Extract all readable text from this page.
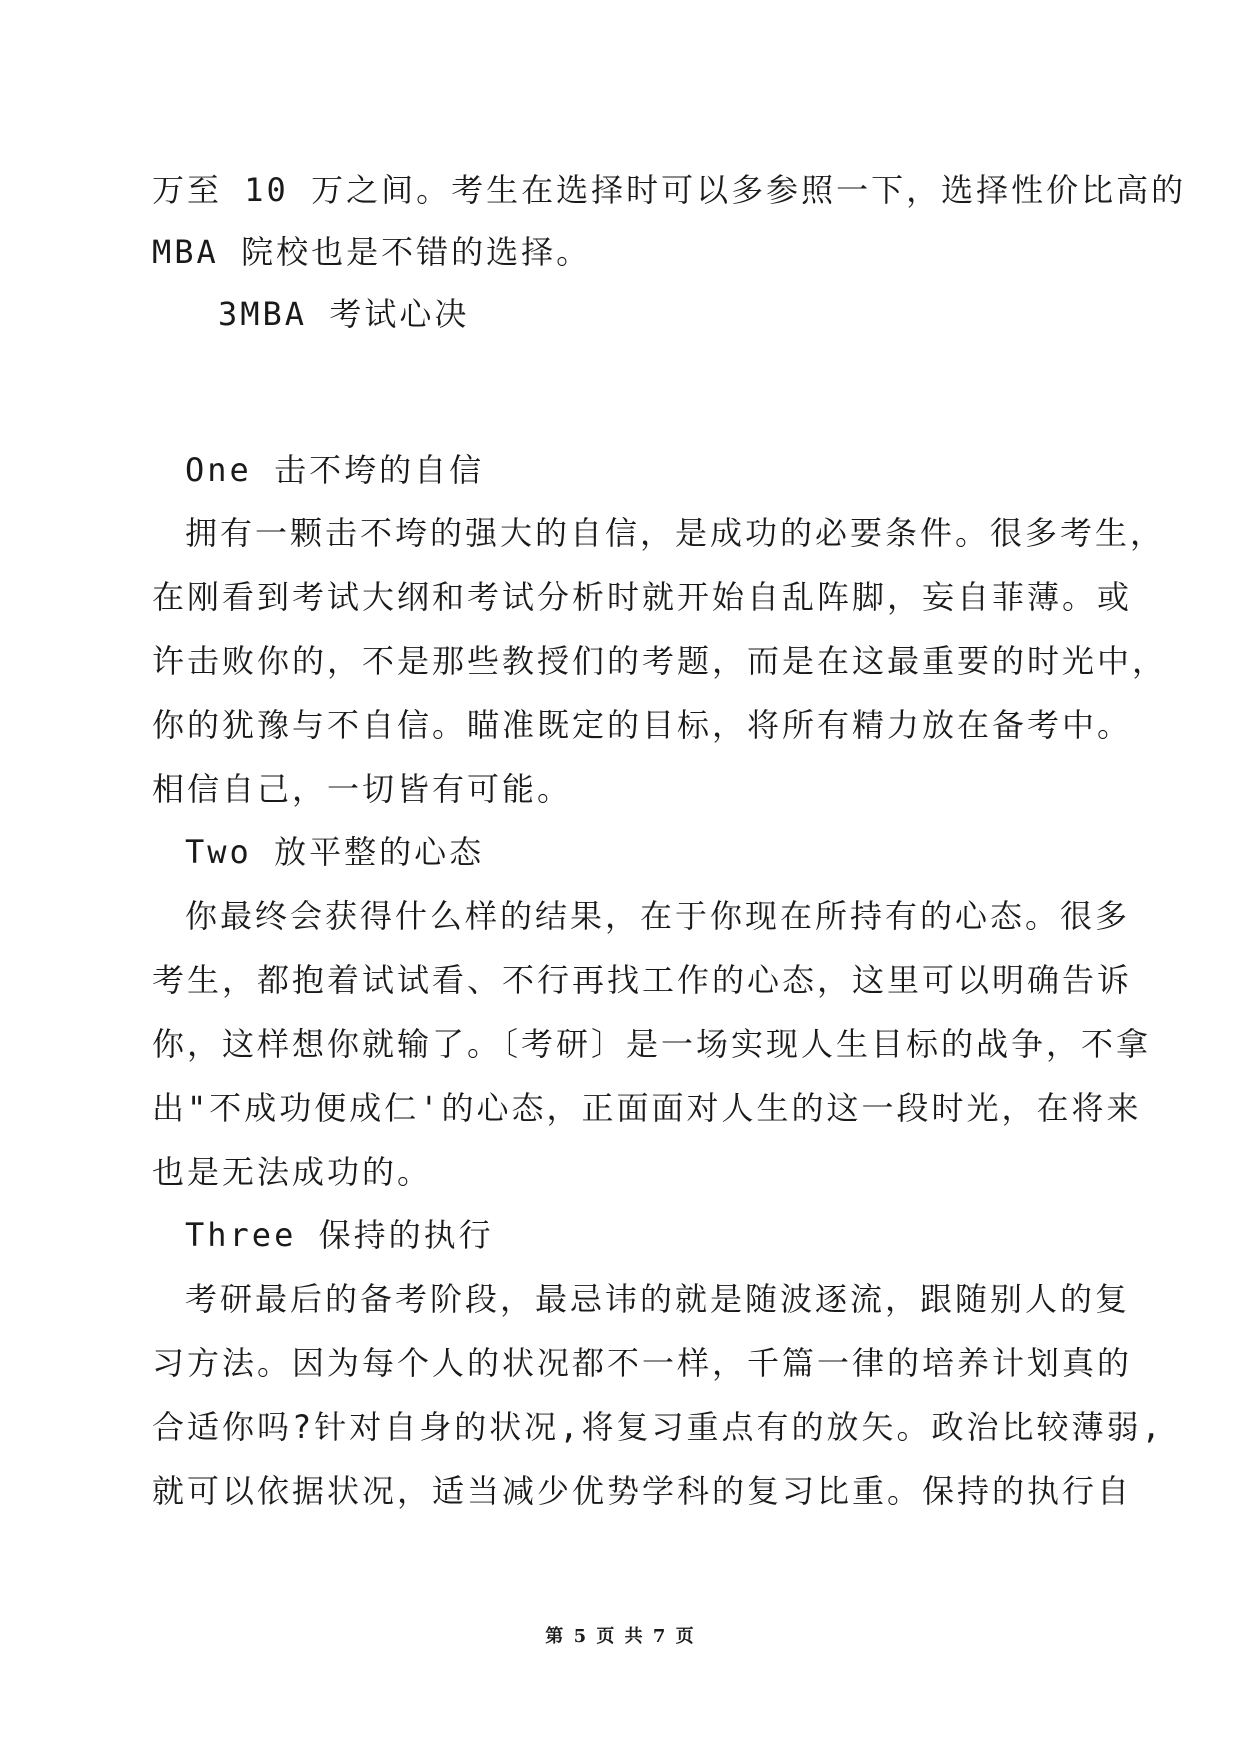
万至 10 万之间。考生在选择时可以多参照一下，选择性价比高的
MBA 院校也是不错的选择。
3MBA 考试心决
One 击不垮的自信
拥有一颗击不垮的强大的自信，是成功的必要条件。很多考生，
在刚看到考试大纲和考试分析时就开始自乱阵脚，妄自菲薄。或
许击败你的，不是那些教授们的考题，而是在这最重要的时光中，
你的犹豫与不自信。瞄准既定的目标，将所有精力放在备考中。
相信自己，一切皆有可能。
Two 放平整的心态
你最终会获得什么样的结果，在于你现在所持有的心态。很多
考生，都抱着试试看、不行再找工作的心态，这里可以明确告诉
你，这样想你就输了。〔考研〕是一场实现人生目标的战争，不拿
出"不成功便成仁'的心态，正面面对人生的这一段时光，在将来
也是无法成功的。
Three 保持的执行
考研最后的备考阶段，最忌讳的就是随波逐流，跟随别人的复
习方法。因为每个人的状况都不一样，千篇一律的培养计划真的
合适你吗?针对自身的状况,将复习重点有的放矢。政治比较薄弱,
就可以依据状况，适当减少优势学科的复习比重。保持的执行自
第 5 页 共 7 页
